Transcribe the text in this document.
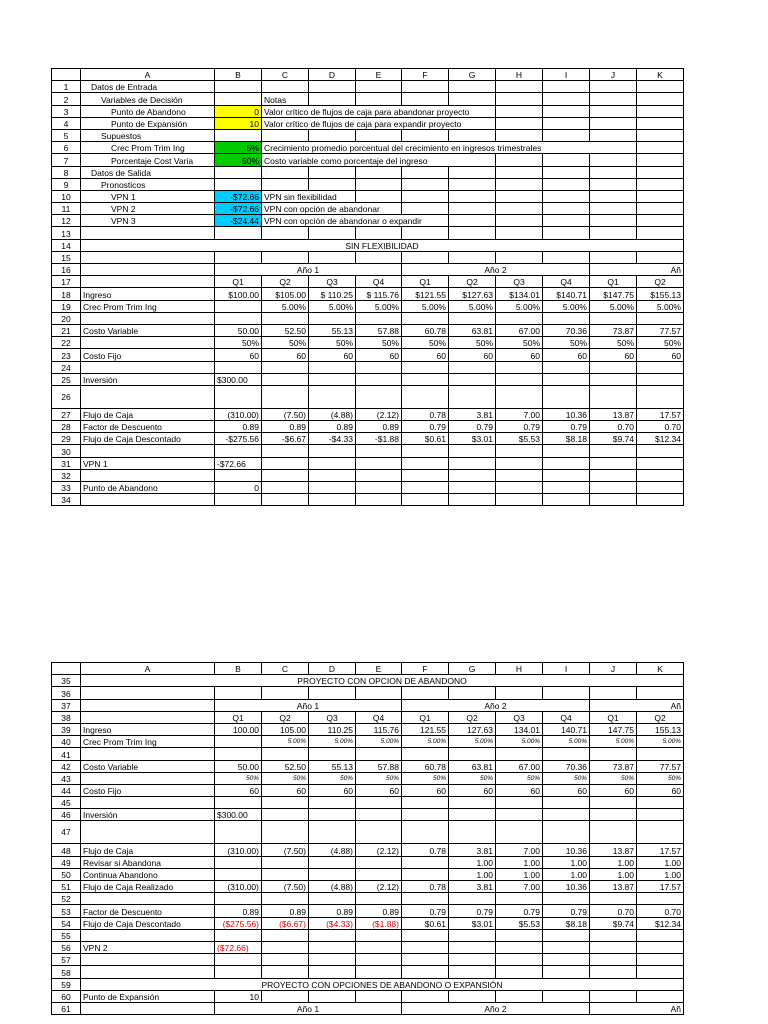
	A	B	C	D	E	F	G	H	I	J	K
1	Datos de Entrada										
2	Variables de Decisión		Notas								
3	Punto de Abandono	0	Valor crítico de flujos de caja para abandonar proyecto								
4	Punto de Expansión	10	Valor crítico de flujos de caja para expandir proyecto								
5	Supuestos										
6	Crec Prom Trim Ing	5%	Crecimiento promedio porcentual del crecimiento en ingresos trimestrales								
7	Porcentaje Cost Varia	50%	Costo variable como porcentaje del ingreso								
8	Datos de Salida										
9	Pronosticos										
10	VPN 1	-$72.66	VPN sin flexibilidad								
11	VPN 2	-$72.66	VPN con opción de abandonar								
12	VPN 3	-$24.44	VPN con opción de abandonar o expandir								
13											
14	SIN FLEXIBILIDAD										
15											
16		Año 1				Año 2				Añ	
17		Q1	Q2	Q3	Q4	Q1	Q2	Q3	Q4	Q1	Q2
18	Ingreso	$100.00	$105.00	$ 110.25	$ 115.76	$121.55	$127.63	$134.01	$140.71	$147.75	$155.13
19	Crec Prom Trim Ing		5.00%	5.00%	5.00%	5.00%	5.00%	5.00%	5.00%	5.00%	5.00%
20											
21	Costo Variable	50.00	52.50	55.13	57.88	60.78	63.81	67.00	70.36	73.87	77.57
22		50%	50%	50%	50%	50%	50%	50%	50%	50%	50%
23	Costo Fijo	60	60	60	60	60	60	60	60	60	60
24											
25	Inversión	$300.00									
26											
27	Flujo de Caja	(310.00)	(7.50)	(4.88)	(2.12)	0.78	3.81	7.00	10.36	13.87	17.57
28	Factor de Descuento	0.89	0.89	0.89	0.89	0.79	0.79	0.79	0.79	0.70	0.70
29	Flujo de Caja Descontado	-$275.56	-$6.67	-$4.33	-$1.88	$0.61	$3.01	$5.53	$8.18	$9.74	$12.34
30											
31	VPN 1	-$72.66									
32											
33	Punto de Abandono	0									
34											
	A	B	C	D	E	F	G	H	I	J	K
35	PROYECTO CON OPCION DE ABANDONO										
36											
37		Año 1				Año 2				Añ	
38		Q1	Q2	Q3	Q4	Q1	Q2	Q3	Q4	Q1	Q2
39	Ingreso	100.00	105.00	110.25	115.76	121.55	127.63	134.01	140.71	147.75	155.13
40	Crec Prom Trim Ing		5.00%	5.00%	5.00%	5.00%	5.00%	5.00%	5.00%	5.00%	5.00%
41											
42	Costo Variable	50.00	52.50	55.13	57.88	60.78	63.81	67.00	70.36	73.87	77.57
43		50%	50%	50%	50%	50%	50%	50%	50%	50%	50%
44	Costo Fijo	60	60	60	60	60	60	60	60	60	60
45											
46	Inversión	$300.00									
47											
48	Flujo de Caja	(310.00)	(7.50)	(4.88)	(2.12)	0.78	3.81	7.00	10.36	13.87	17.57
49	Revisar si Abandona						1.00	1.00	1.00	1.00	1.00
50	Continua Abandono						1.00	1.00	1.00	1.00	1.00
51	Flujo de Caja Realizado	(310.00)	(7.50)	(4.88)	(2.12)	0.78	3.81	7.00	10.36	13.87	17.57
52											
53	Factor de Descuento	0.89	0.89	0.89	0.89	0.79	0.79	0.79	0.79	0.70	0.70
54	Flujo de Caja Descontado	($275.56)	($6.67)	($4.33)	($1.88)	$0.61	$3.01	$5.53	$8.18	$9.74	$12.34
55											
56	VPN 2	($72.66)									
57											
58											
59	PROYECTO CON OPCIONES DE ABANDONO O EXPANSIÓN										
60	Punto de Expansión	10									
61		Año 1				Año 2				Añ	
